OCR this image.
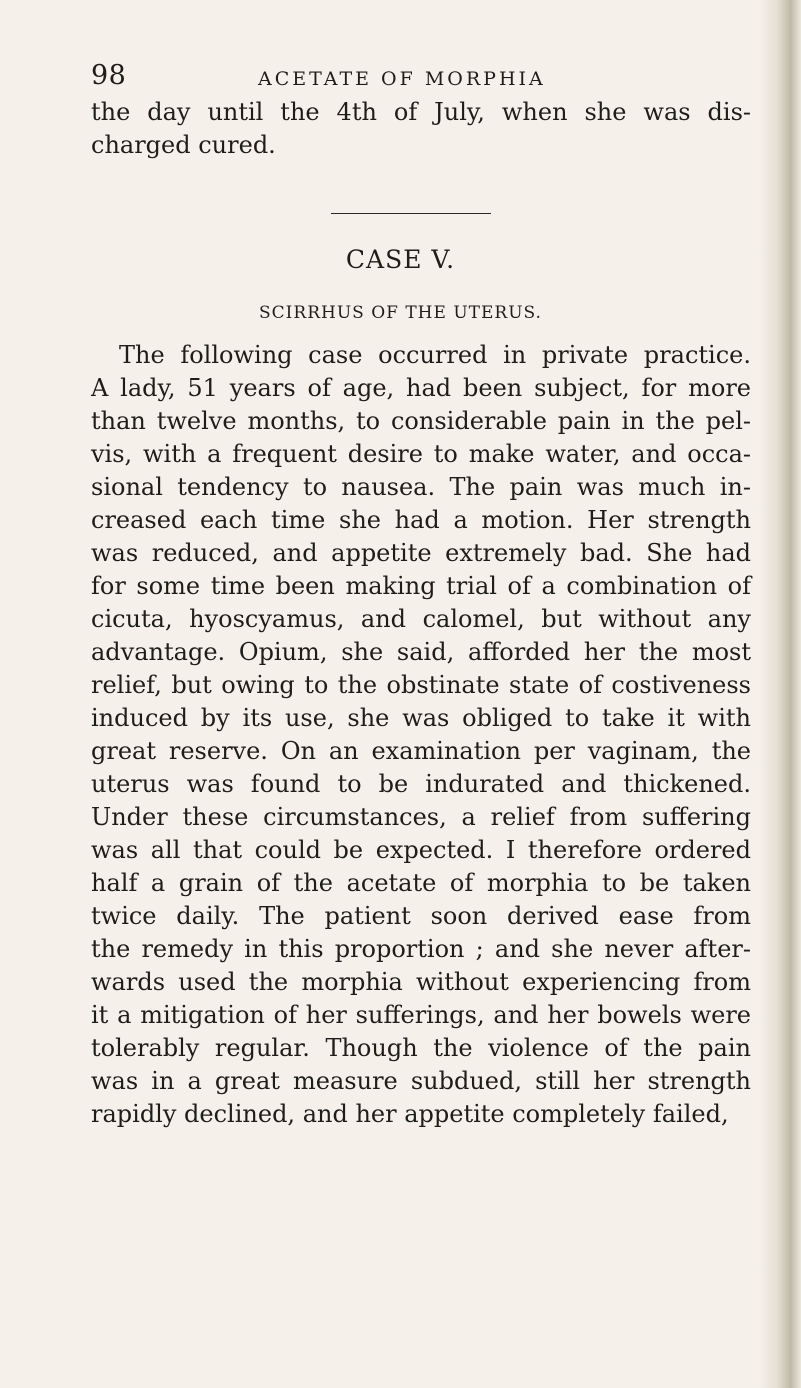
98	ACETATE OF MORPHIA

the day until the 4th of July, when she was dis-
charged cured.

CASE V.
SCIRRHUS OF THE UTERUS.

The following case occurred in private practice.
A lady, 51 years of age, had been subject, for more
than twelve months, to considerable pain in the pel-
vis, with a frequent desire to make water, and occa-
sional tendency to nausea. The pain was much in-
creased each time she had a motion. Her strength
was reduced, and appetite extremely bad. She had
for some time been making trial of a combination of
cicuta, hyoscyamus, and calomel, but without any
advantage. Opium, she said, afforded her the most
relief, but owing to the obstinate state of costiveness
induced by its use, she was obliged to take it with
great reserve. On an examination per vaginam, the
uterus was found to be indurated and thickened.
Under these circumstances, a relief from suffering
was all that could be expected. I therefore ordered
half a grain of the acetate of morphia to be taken
twice daily. The patient soon derived ease from
the remedy in this proportion ; and she never after-
wards used the morphia without experiencing from
it a mitigation of her sufferings, and her bowels were
tolerably regular. Though the violence of the pain
was in a great measure subdued, still her strength
rapidly declined, and her appetite completely failed,
